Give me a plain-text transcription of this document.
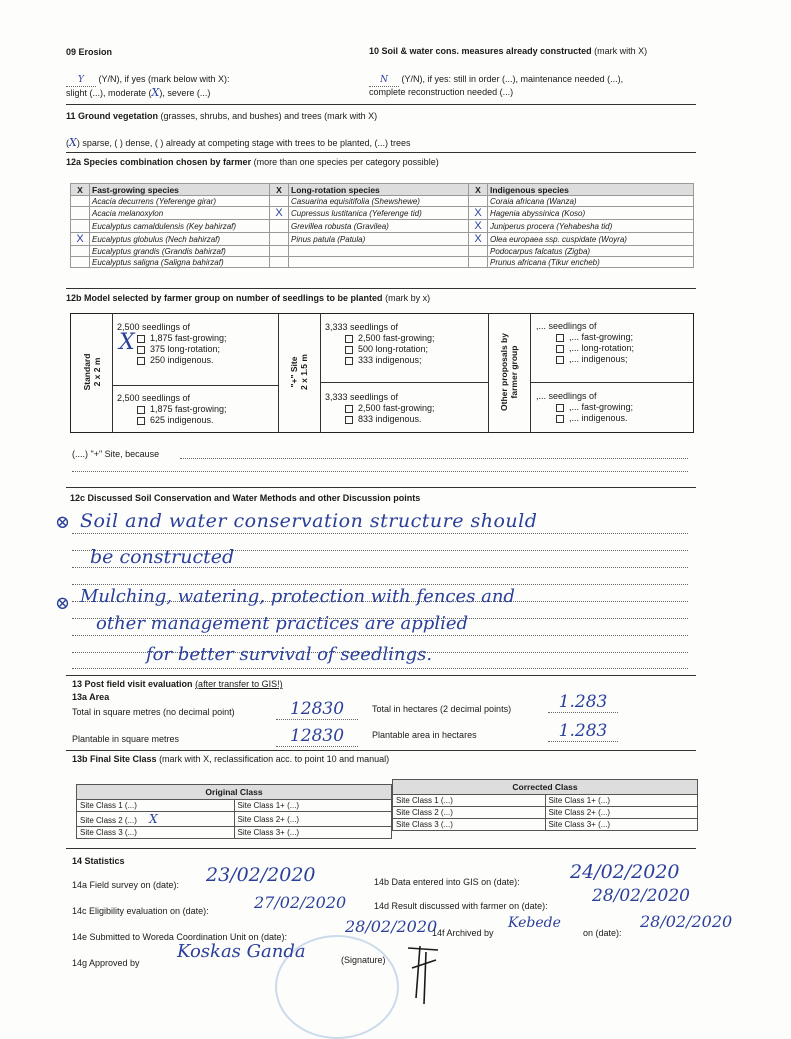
09 Erosion
Y (Y/N), if yes (mark below with X):
slight (...), moderate (X), severe (...)
10 Soil & water cons. measures already constructed (mark with X)
N (Y/N), if yes: still in order (...), maintenance needed (...),
complete reconstruction needed (...)
11 Ground vegetation (grasses, shrubs, and bushes) and trees (mark with X)
(X) sparse, ( ) dense, ( ) already at competing stage with trees to be planted, (...) trees
12a Species combination chosen by farmer (more than one species per category possible)
X	Fast-growing species	X	Long-rotation species	X	Indigenous species
	Acacia decurrens (Yeferenge girar)		Casuarina equisitifolia (Shewshewe)		Coraia africana (Wanza)
	Acacia melanoxylon	X	Cupressus lustitanica (Yeferenge tid)	X	Hagenia abyssinica (Koso)
	Eucalyptus camaldulensis (Key bahirzaf)		Grevillea robusta (Gravilea)	X	Juniperus procera (Yehabesha tid)
X	Eucalyptus globulus (Nech bahirzaf)		Pinus patula (Patula)	X	Olea europaea ssp. cuspidate (Woyra)
	Eucalyptus grandis (Grandis bahirzaf)				Podocarpus falcatus (Zigba)
	Eucalyptus saligna (Saligna bahirzaf)				Prunus africana (Tikur encheb)
12b Model selected by farmer group on number of seedlings to be planted (mark by x)
Standard
2 x 2 m	"+" Site
2 x 1.5 m	Other proposals by
farmer group
2,500 seedlings of
1,875 fast-growing;
375 long-rotation;
250 indigenous.
X
2,500 seedlings of
1,875 fast-growing;
625 indigenous.
3,333 seedlings of
2,500 fast-growing;
500 long-rotation;
333 indigenous;
3,333 seedlings of
2,500 fast-growing;
833 indigenous.
,... seedlings of
,... fast-growing;
,... long-rotation;
,... indigenous;
,... seedlings of
,... fast-growing;
,... indigenous.
(....) "+" Site, because
12c Discussed Soil Conservation and Water Methods and other Discussion points
⊗ Soil and water conservation structure should
be constructed
⊗ Mulching, watering, protection with fences and
other management practices are applied
for better survival of seedlings.
13 Post field visit evaluation (after transfer to GIS!)
13a Area
Total in square metres (no decimal point)	12830	Total in hectares (2 decimal points)	1.283
Plantable in square metres	12830	Plantable area in hectares	1.283
13b Final Site Class (mark with X, reclassification acc. to point 10 and manual)
Original Class	
Site Class 1 (...)	Site Class 1+ (...)
Site Class 2 (...) X	Site Class 2+ (...)
Site Class 3 (...)	Site Class 3+ (...)
Corrected Class	
Site Class 1 (...)	Site Class 1+ (...)
Site Class 2 (...)	Site Class 2+ (...)
Site Class 3 (...)	Site Class 3+ (...)
14 Statistics
14a Field survey on (date): 23/02/2020	14b Data entered into GIS on (date):	24/02/2020
14c Eligibility evaluation on (date):	27/02/2020	14d Result discussed with farmer on (date):	28/02/2020
14e Submitted to Woreda Coordination Unit on (date):
28/02/2020
14f Archived by
Kebede
on (date):
28/02/2020
14g Approved by
Koskas Ganda	(Signature)
